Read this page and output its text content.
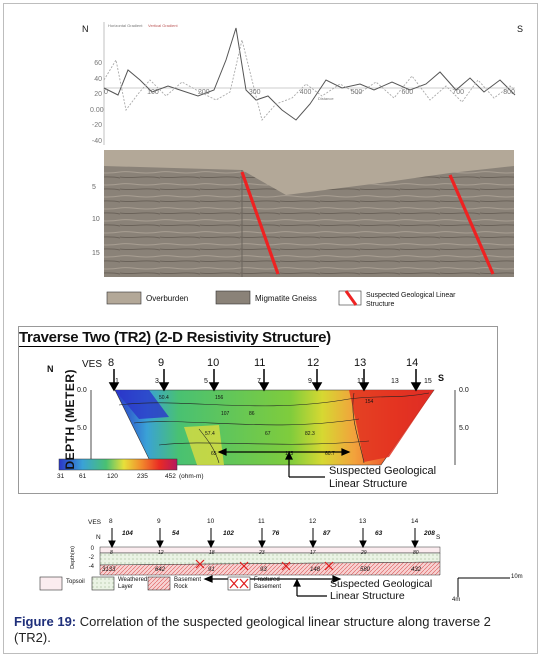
N	S
Horizontal Gradient Vertical Gradient
Distance
60
40
20
0.00
-20
-40
0	100	200	300	400	500	600	700	800
5
10
15
Overburden	Migmatite Gneiss	Suspected Geological Linear Structure
Traverse Two (TR2) (2-D Resistivity Structure)
N
S
VES
DEPTH (METER)
8	9	10	11	12	13	14
1	3	5	7	9	11	13	15
0.0
5.0
0.0
5.0
50.4	156
107	86
67
57.4
65	125	60.7
82.3
154
31 61	120	235	452 (ohm-m)	Suspected Geological Linear Structure
VES
N	S
Depth(m)	0
-2
-4
8	9	10	11	12	13	14
104	54	102	76	87	63	208
8	12	18	23	17	29	80
3133	642	91	93	148	580	432
Suspected Geological Linear Structure
10m
4m
Topsoil	Weathered Layer
Basement Rock
Fractured Basement
Figure 19: Correlation of the suspected geological linear structure along traverse 2 (TR2).
